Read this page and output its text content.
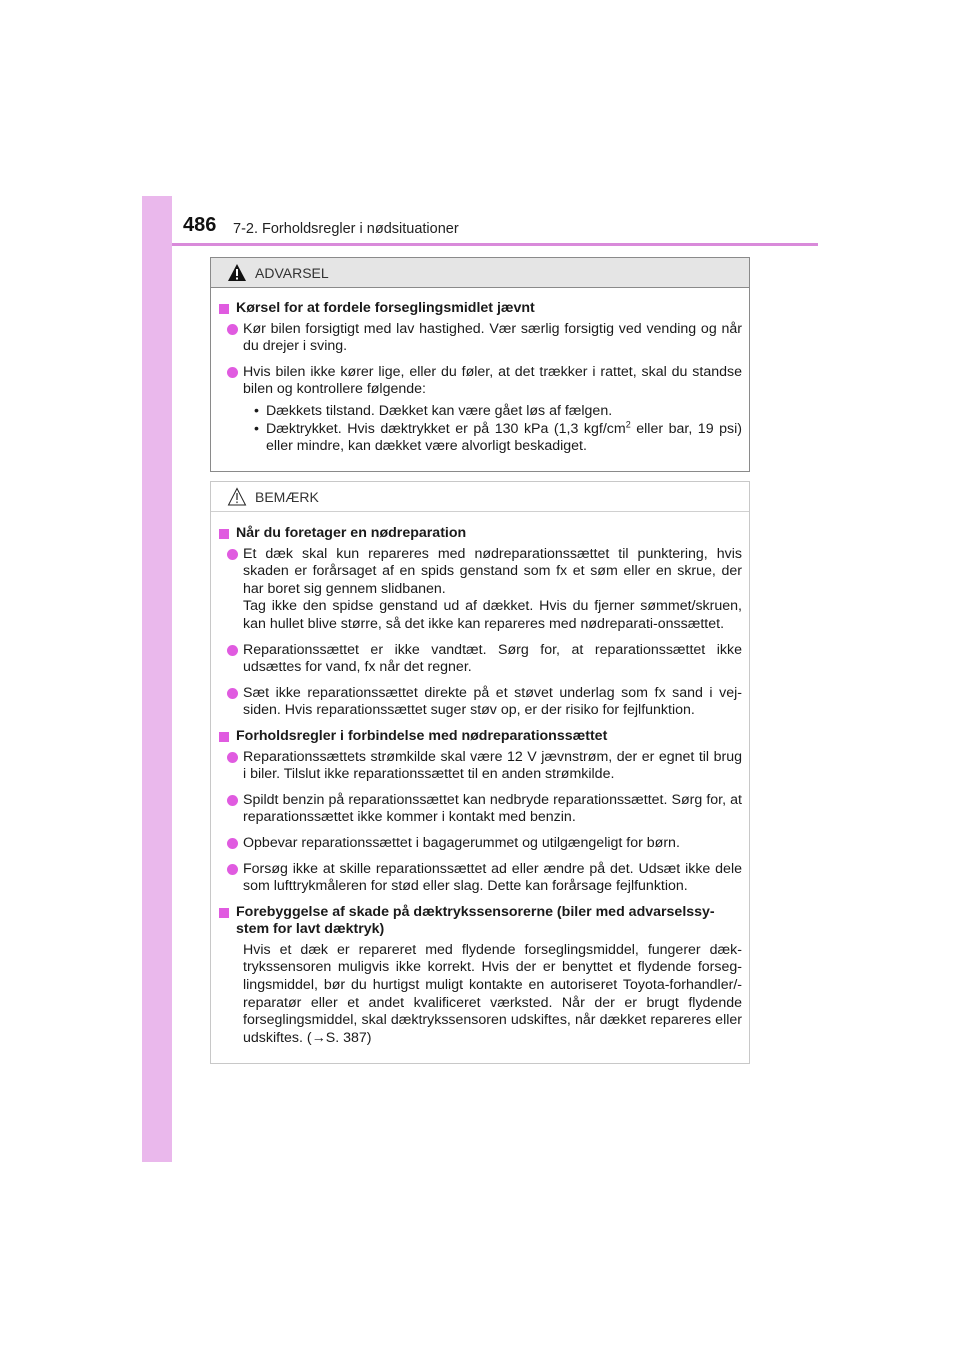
486 7-2. Forholdsregler i nødsituationer
ADVARSEL
Kørsel for at fordele forseglingsmidlet jævnt
Kør bilen forsigtigt med lav hastighed. Vær særlig forsigtig ved vending og når du drejer i sving.
Hvis bilen ikke kører lige, eller du føler, at det trækker i rattet, skal du standse bilen og kontrollere følgende:
• Dækkets tilstand. Dækket kan være gået løs af fælgen.
• Dæktrykket. Hvis dæktrykket er på 130 kPa (1,3 kgf/$cm^2$ eller bar, 19 psi) eller mindre, kan dækket være alvorligt beskadiget.
BEMÆRK
Når du foretager en nødreparation
Et dæk skal kun repareres med nødreparationssættet til punktering, hvis skaden er forårsaget af en spids genstand som fx et søm eller en skrue, der har boret sig gennem slidbanen.
Tag ikke den spidse genstand ud af dækket. Hvis du fjerner sømmet/skruen, kan hullet blive større, så det ikke kan repareres med nødreparati-onssættet.
Reparationssættet er ikke vandtæt. Sørg for, at reparationssættet ikke udsættes for vand, fx når det regner.
Sæt ikke reparationssættet direkte på et støvet underlag som fx sand i vej-siden. Hvis reparationssættet suger støv op, er der risiko for fejlfunktion.
Forholdsregler i forbindelse med nødreparationssættet
Reparationssættets strømkilde skal være 12 V jævnstrøm, der er egnet til brug i biler. Tilslut ikke reparationssættet til en anden strømkilde.
Spildt benzin på reparationssættet kan nedbryde reparationssættet. Sørg for, at reparationssættet ikke kommer i kontakt med benzin.
Opbevar reparationssættet i bagagerummet og utilgængeligt for børn.
Forsøg ikke at skille reparationssættet ad eller ændre på det. Udsæt ikke dele som lufttrykmåleren for stød eller slag. Dette kan forårsage fejlfunktion.
Forebyggelse af skade på dæktrykssensorerne (biler med advarselssy-stem for lavt dæktryk)
Hvis et dæk er repareret med flydende forseglingsmiddel, fungerer dæk-trykssensoren muligvis ikke korrekt. Hvis der er benyttet et flydende forseg-lingsmiddel, bør du hurtigst muligt kontakte en autoriseret Toyota-forhandler/-reparatør eller et andet kvalificeret værksted. Når der er brugt flydende forseglingsmiddel, skal dæktrykssensoren udskiftes, når dækket repareres eller udskiftes. (→S. 387)
